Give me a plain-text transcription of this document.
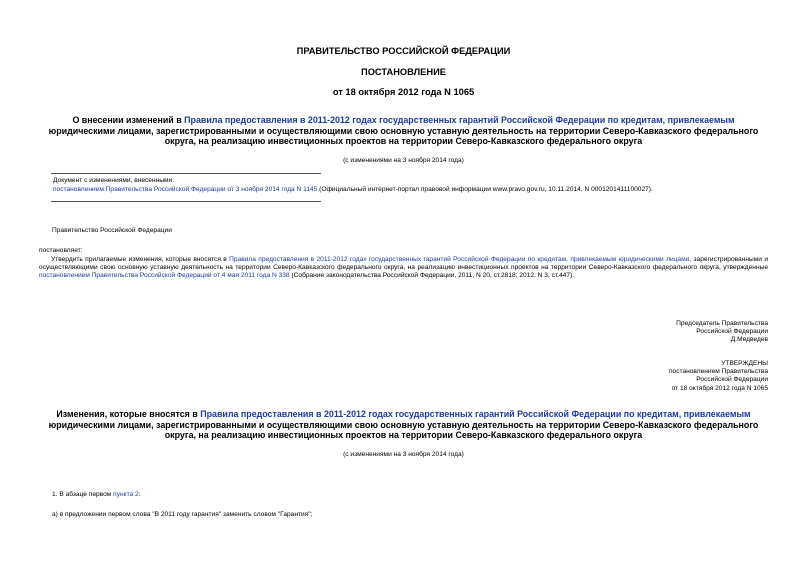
ПРАВИТЕЛЬСТВО РОССИЙСКОЙ ФЕДЕРАЦИИ
ПОСТАНОВЛЕНИЕ
от 18 октября 2012 года N 1065
О внесении изменений в Правила предоставления в 2011-2012 годах государственных гарантий Российской Федерации по кредитам, привлекаемым юридическими лицами, зарегистрированными и осуществляющими свою основную уставную деятельность на территории Северо-Кавказского федерального округа, на реализацию инвестиционных проектов на территории Северо-Кавказского федерального округа
(с изменениями на 3 ноября 2014 года)
Документ с изменениями, внесенными:
постановлением Правительства Российской Федерации от 3 ноября 2014 года N 1145 (Официальный интернет-портал правовой информации www.pravo.gov.ru, 10.11.2014, N 0001201411100027).
Правительство Российской Федерации
постановляет:
Утвердить прилагаемые изменения, которые вносятся в Правила предоставления в 2011-2012 годах государственных гарантий Российской Федерации по кредитам, привлекаемым юридическими лицами, зарегистрированными и осуществляющими свою основную уставную деятельность на территории Северо-Кавказского федерального округа, на реализацию инвестиционных проектов на территории Северо-Кавказского федерального округа, утвержденные постановлением Правительства Российской Федерации от 4 мая 2011 года N 338 (Собрание законодательства Российской Федерации, 2011, N 20, ст.2818; 2012, N 3, ст.447).
Председатель Правительства
Российской Федерации
Д.Медведев
УТВЕРЖДЕНЫ
постановлением Правительства
Российской Федерации
от 18 октября 2012 года N 1065
Изменения, которые вносятся в Правила предоставления в 2011-2012 годах государственных гарантий Российской Федерации по кредитам, привлекаемым юридическими лицами, зарегистрированными и осуществляющими свою основную уставную деятельность на территории Северо-Кавказского федерального округа, на реализацию инвестиционных проектов на территории Северо-Кавказского федерального округа
(с изменениями на 3 ноября 2014 года)
1. В абзаце первом пункта 2:
а) в предложении первом слова "В 2011 году гарантия" заменить словом "Гарантия";
